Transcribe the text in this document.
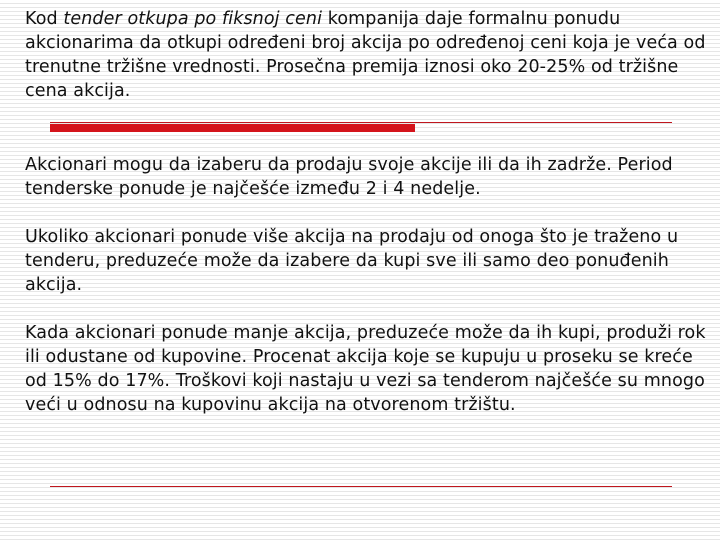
Kod tender otkupa po fiksnoj ceni kompanija daje formalnu ponudu akcionarima da otkupi određeni broj akcija po određenoj ceni koja je veća od trenutne tržišne vrednosti. Prosečna premija iznosi oko 20-25% od tržišne cena akcija.

Akcionari mogu da izaberu da prodaju svoje akcije ili da ih zadrže. Period tenderske ponude je najčešće između 2 i 4 nedelje.

Ukoliko akcionari ponude više akcija na prodaju od onoga što je traženo u tenderu, preduzeće može da izabere da kupi sve ili samo deo ponuđenih akcija.

Kada akcionari ponude manje akcija, preduzeće može da ih kupi, produži rok ili odustane od kupovine. Procenat akcija koje se kupuju u proseku se kreće od 15% do 17%. Troškovi koji nastaju u vezi sa tenderom najčešće su mnogo veći u odnosu na kupovinu akcija na otvorenom tržištu.
